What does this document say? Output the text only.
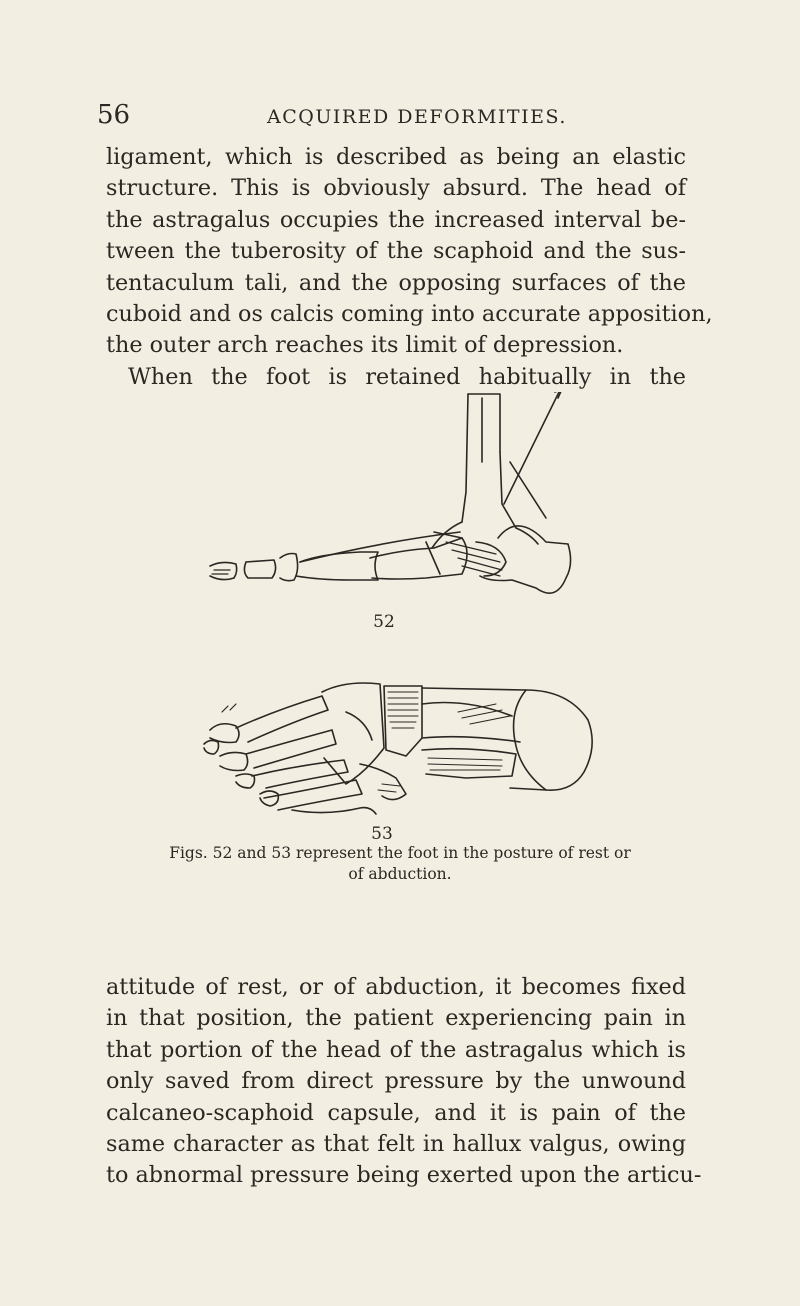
56	ACQUIRED DEFORMITIES.

ligament, which is described as being an elastic
structure. This is obviously absurd. The head of
the astragalus occupies the increased interval be-
tween the tuberosity of the scaphoid and the sus-
tentaculum tali, and the opposing surfaces of the
cuboid and os calcis coming into accurate apposition,
the outer arch reaches its limit of depression.
When the foot is retained habitually in the

52
53
Figs. 52 and 53 represent the foot in the posture of rest or
of abduction.

attitude of rest, or of abduction, it becomes fixed
in that position, the patient experiencing pain in
that portion of the head of the astragalus which is
only saved from direct pressure by the unwound
calcaneo-scaphoid capsule, and it is pain of the
same character as that felt in hallux valgus, owing
to abnormal pressure being exerted upon the articu-
